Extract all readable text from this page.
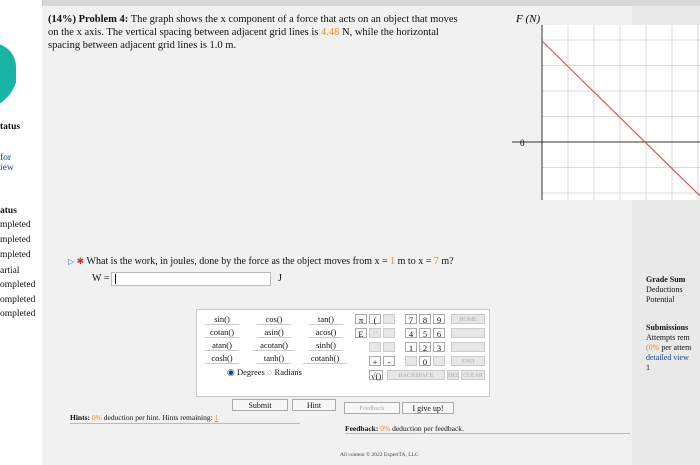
tatus
for
iew
atus
mpleted
mpleted
mpleted
artial
ompleted
ompleted
ompleted
(14%) Problem 4: The graph shows the x component of a force that acts on an object that moves
on the x axis. The vertical spacing between adjacent grid lines is 4.48 N, while the horizontal
spacing between adjacent grid lines is 1.0 m.
F (N)
0
▷ ✱ What is the work, in joules, done by the force as the object moves from x = 1 m to x = 7 m?
W =	J
sin()	cos()	tan()
cotan()	asin()	acos()
atan()	acotan()	sinh()
cosh()	tanh()	cotanh()
◉ Degrees ○ Radians
π	(
E	↑^
+	-
√()
7	8	9
4	5	6
1	2	3
0
HOME
END
BACKSPACE	DEL CLEAR
Submit	Hint	Feedback	I give up!
Hints: 0% deduction per hint. Hints remaining: 1
Feedback: 0% deduction per feedback.
All content © 2022 ExpertTA, LLC
Grade Sum
Deductions
Potential
Submissions
Attempts rem
(0% per attem
detailed view
1
